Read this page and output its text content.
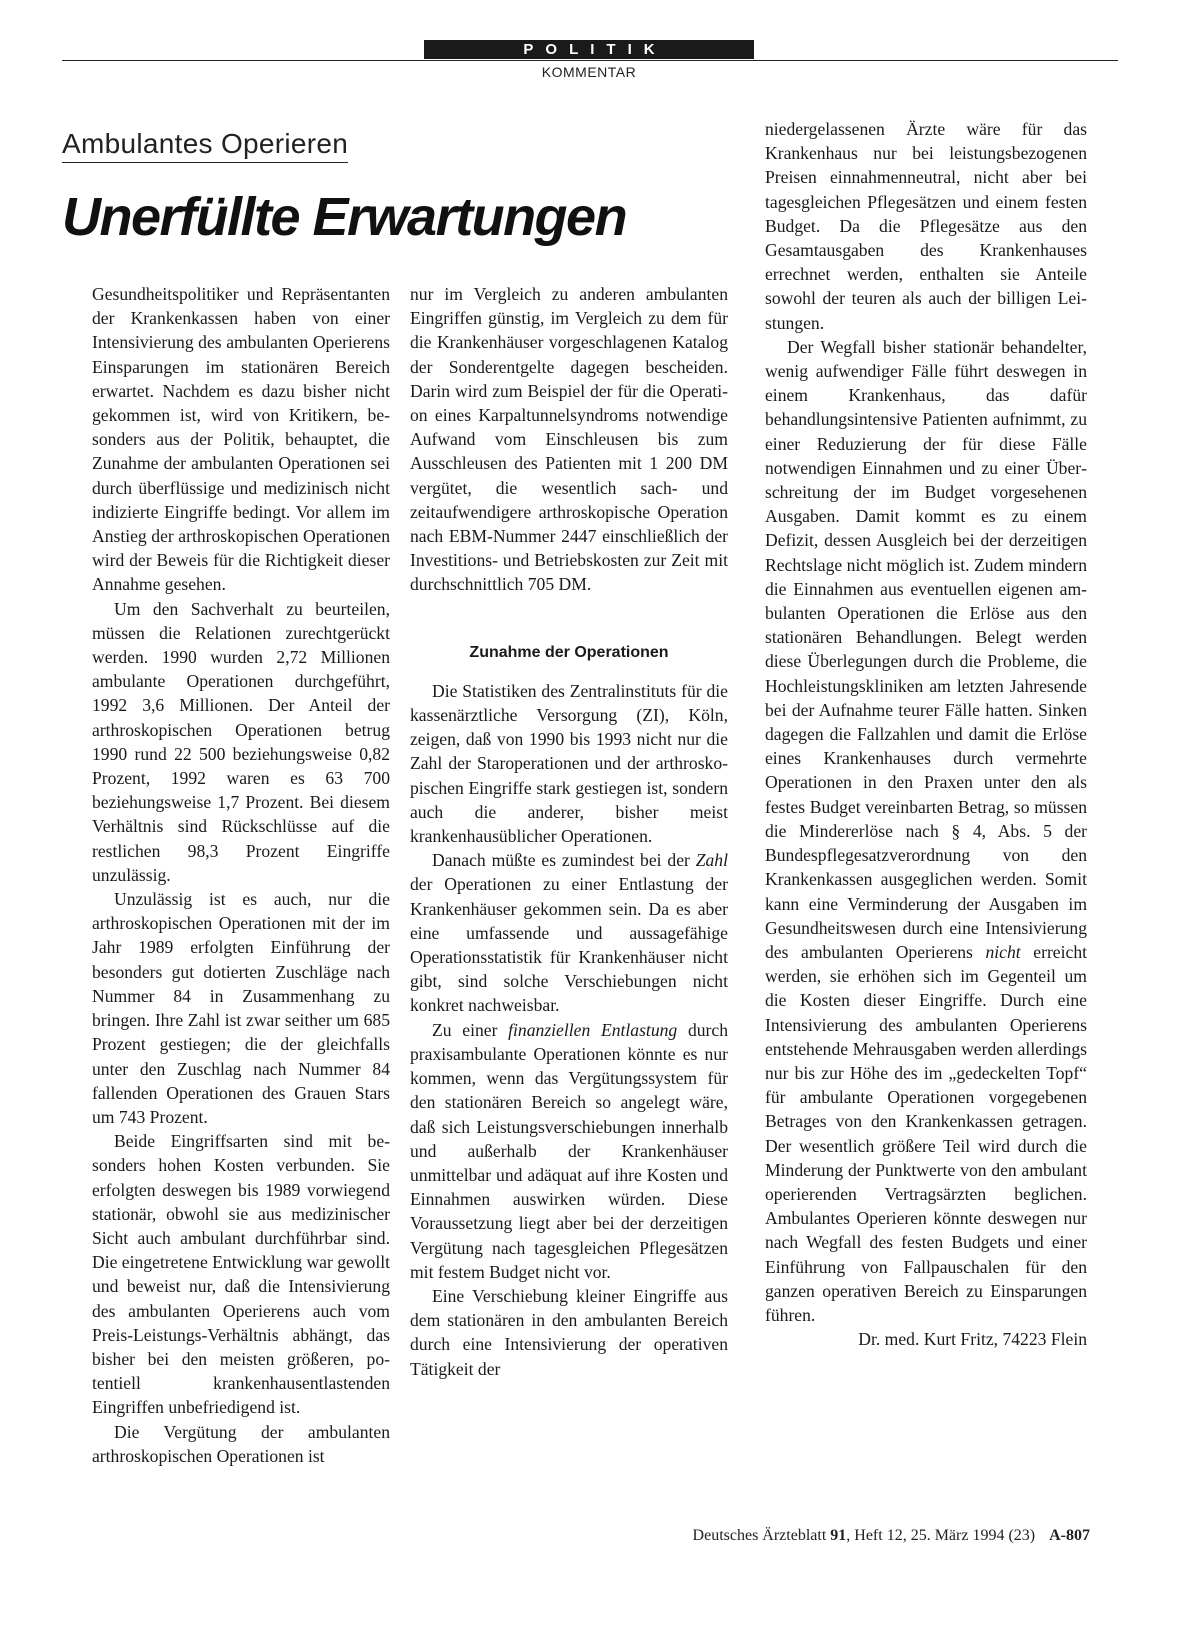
POLITIK
KOMMENTAR
Ambulantes Operieren
Unerfüllte Erwartungen

Gesundheitspolitiker und Repräsentanten der Krankenkassen haben von einer Intensivierung des ambulanten Operierens Einsparungen im stationären Bereich erwartet. Nachdem es dazu bisher nicht gekommen ist, wird von Kritikern, besonders aus der Politik, behauptet, die Zunahme der ambulanten Operationen sei durch überflüssige und medizinisch nicht indizierte Eingriffe bedingt. Vor allem im Anstieg der arthroskopischen Operationen wird der Beweis für die Richtigkeit dieser Annahme gesehen.

Um den Sachverhalt zu beurteilen, müssen die Relationen zurechtgerückt werden. 1990 wurden 2,72 Millionen ambulante Operationen durchgeführt, 1992 3,6 Millionen. Der Anteil der arthroskopischen Operationen betrug 1990 rund 22 500 beziehungsweise 0,82 Prozent, 1992 waren es 63 700 beziehungsweise 1,7 Prozent. Bei diesem Verhältnis sind Rückschlüsse auf die restlichen 98,3 Prozent Eingriffe unzulässig.

Unzulässig ist es auch, nur die arthroskopischen Operationen mit der im Jahr 1989 erfolgten Einführung der besonders gut dotierten Zuschläge nach Nummer 84 in Zusammenhang zu bringen. Ihre Zahl ist zwar seither um 685 Prozent gestiegen; die der gleichfalls unter den Zuschlag nach Nummer 84 fallenden Operationen des Grauen Stars um 743 Prozent.

Beide Eingriffsarten sind mit besonders hohen Kosten verbunden. Sie erfolgten deswegen bis 1989 vorwiegend stationär, obwohl sie aus medizinischer Sicht auch ambulant durchführbar sind. Die eingetretene Entwicklung war gewollt und beweist nur, daß die Intensivierung des ambulanten Operierens auch vom Preis-Leistungs-Verhältnis abhängt, das bisher bei den meisten größeren, potentiell krankenhausentlastenden Eingriffen unbefriedigend ist.

Die Vergütung der ambulanten arthroskopischen Operationen ist

nur im Vergleich zu anderen ambulanten Eingriffen günstig, im Vergleich zu dem für die Krankenhäuser vorgeschlagenen Katalog der Sonderentgelte dagegen bescheiden. Darin wird zum Beispiel der für die Operation eines Karpaltunnelsyndroms notwendige Aufwand vom Einschleusen bis zum Ausschleusen des Patienten mit 1 200 DM vergütet, die wesentlich sach- und zeitaufwendigere arthroskopische Operation nach EBM-Nummer 2447 einschließlich der Investitions- und Betriebskosten zur Zeit mit durchschnittlich 705 DM.

Zunahme der Operationen

Die Statistiken des Zentralinstituts für die kassenärztliche Versorgung (ZI), Köln, zeigen, daß von 1990 bis 1993 nicht nur die Zahl der Staroperationen und der arthroskopischen Eingriffe stark gestiegen ist, sondern auch die anderer, bisher meist krankenhausüblicher Operationen.

Danach müßte es zumindest bei der Zahl der Operationen zu einer Entlastung der Krankenhäuser gekommen sein. Da es aber eine umfassende und aussagefähige Operationsstatistik für Krankenhäuser nicht gibt, sind solche Verschiebungen nicht konkret nachweisbar.

Zu einer finanziellen Entlastung durch praxisambulante Operationen könnte es nur kommen, wenn das Vergütungssystem für den stationären Bereich so angelegt wäre, daß sich Leistungsverschiebungen innerhalb und außerhalb der Krankenhäuser unmittelbar und adäquat auf ihre Kosten und Einnahmen auswirken würden. Diese Voraussetzung liegt aber bei der derzeitigen Vergütung nach tagesgleichen Pflegesätzen mit festem Budget nicht vor.

Eine Verschiebung kleiner Eingriffe aus dem stationären in den ambulanten Bereich durch eine Intensivierung der operativen Tätigkeit der

niedergelassenen Ärzte wäre für das Krankenhaus nur bei leistungsbezogenen Preisen einnahmenneutral, nicht aber bei tagesgleichen Pflegesätzen und einem festen Budget. Da die Pflegesätze aus den Gesamtausgaben des Krankenhauses errechnet werden, enthalten sie Anteile sowohl der teuren als auch der billigen Leistungen.

Der Wegfall bisher stationär behandelter, wenig aufwendiger Fälle führt deswegen in einem Krankenhaus, das dafür behandlungsintensive Patienten aufnimmt, zu einer Reduzierung der für diese Fälle notwendigen Einnahmen und zu einer Überschreitung der im Budget vorgesehenen Ausgaben. Damit kommt es zu einem Defizit, dessen Ausgleich bei der derzeitigen Rechtslage nicht möglich ist. Zudem mindern die Einnahmen aus eventuellen eigenen ambulanten Operationen die Erlöse aus den stationären Behandlungen. Belegt werden diese Überlegungen durch die Probleme, die Hochleistungskliniken am letzten Jahresende bei der Aufnahme teurer Fälle hatten. Sinken dagegen die Fallzahlen und damit die Erlöse eines Krankenhauses durch vermehrte Operationen in den Praxen unter den als festes Budget vereinbarten Betrag, so müssen die Mindererlöse nach § 4, Abs. 5 der Bundespflegesatzverordnung von den Krankenkassen ausgeglichen werden. Somit kann eine Verminderung der Ausgaben im Gesundheitswesen durch eine Intensivierung des ambulanten Operierens nicht erreicht werden, sie erhöhen sich im Gegenteil um die Kosten dieser Eingriffe. Durch eine Intensivierung des ambulanten Operierens entstehende Mehrausgaben werden allerdings nur bis zur Höhe des im „gedeckelten Topf“ für ambulante Operationen vorgegebenen Betrages von den Krankenkassen getragen. Der wesentlich größere Teil wird durch die Minderung der Punktwerte von den ambulant operierenden Vertragsärzten beglichen. Ambulantes Operieren könnte deswegen nur nach Wegfall des festen Budgets und einer Einführung von Fallpauschalen für den ganzen operativen Bereich zu Einsparungen führen.

Dr. med. Kurt Fritz, 74223 Flein

Deutsches Ärzteblatt 91, Heft 12, 25. März 1994 (23) A-807
